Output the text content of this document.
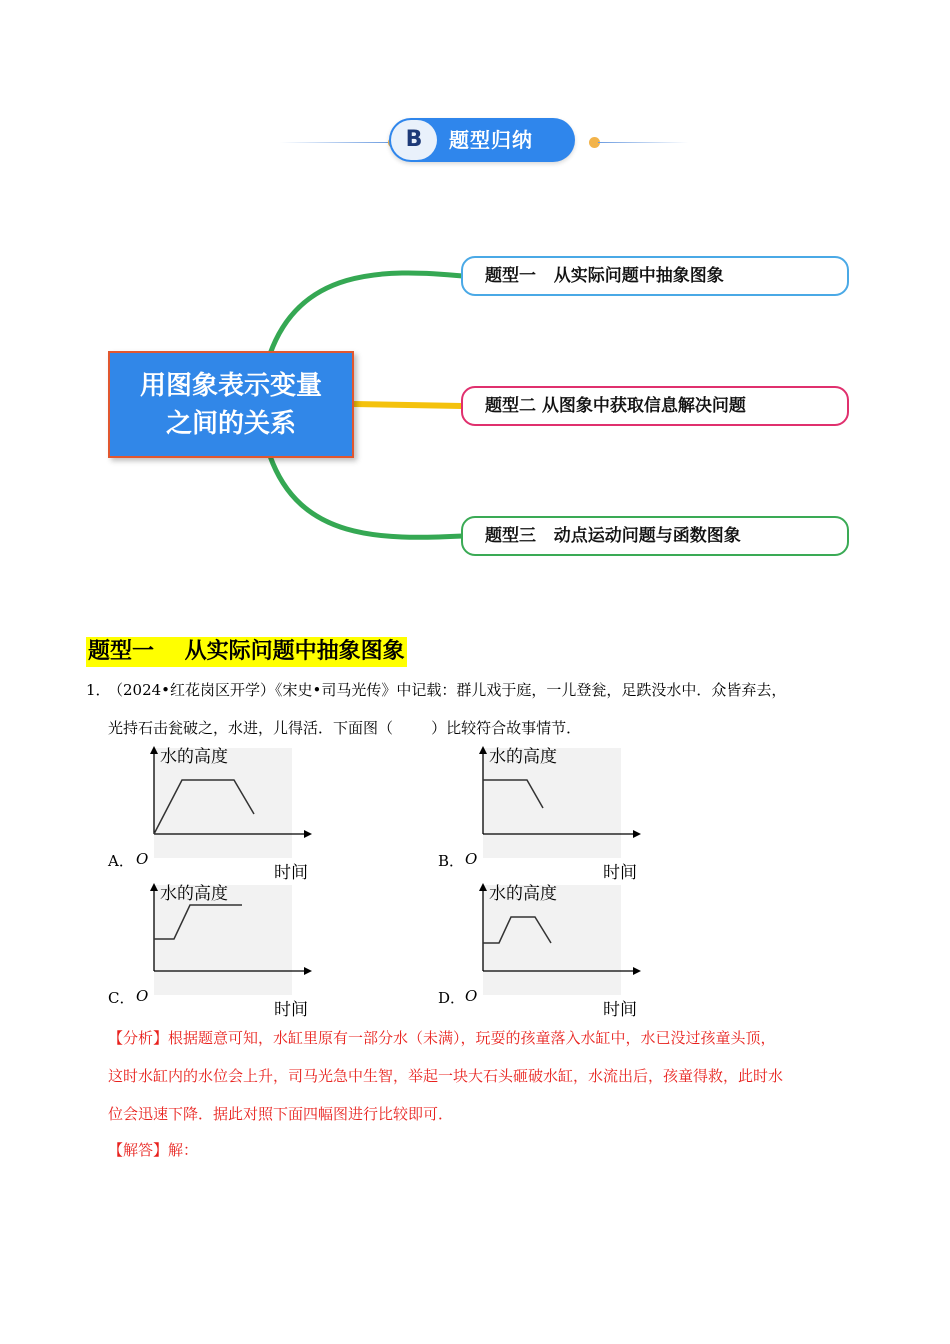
B	题型归纳
用图象表示变量
之间的关系
题型一   从实际问题中抽象图象
题型二 从图象中获取信息解决问题
题型三   动点运动问题与函数图象
题型一    从实际问题中抽象图象
1．
（2024•红花岗区开学）《宋史•司马光传》中记载：群儿戏于庭，一儿登瓮，足跌没水中．众皆弃去，
光持石击瓮破之，水进，儿得活．下面图（        ）比较符合故事情节．
水的高度
O
时间
A．
水的高度
O
时间
B．
水的高度
O
时间
C．
水的高度
O
时间
D．
【分析】根据题意可知，水缸里原有一部分水（未满），玩耍的孩童落入水缸中，水已没过孩童头顶，
这时水缸内的水位会上升，司马光急中生智，举起一块大石头砸破水缸，水流出后，孩童得救，此时水
位会迅速下降．据此对照下面四幅图进行比较即可．
【解答】解：
